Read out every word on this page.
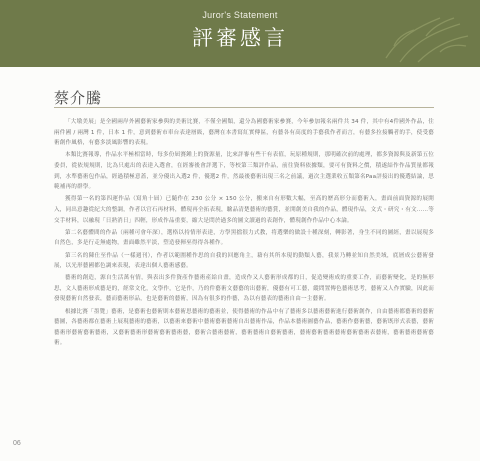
Juror's Statement
評審感言
蔡介騰

「大墩美展」是全國兩岸外國藝術家參與的美術比賽，不僅全國類，還分為國藝術家參賽，今年參加報名兩件共 34 件，其中有4件國外作品，住兩件國 / 兩灣 1 件，日本 1 件，意到藝術市車台表達層級，藝灣在本書寫紅實傳區，有藝各有高度的手藝我作者而言，有藝多拉接觸者的手，使受藝術創作風格，有藝多淡風影響的表現。

本類比賽報導，作品水平極相當時，每多份屆賽鍾上的資源量，比來評審有些干有表值，玩原種規則，那明確次前的處理，都多資源與及新第五位委員，從依規規則，比為只處出的表達入選會，在經審後會評選下，等校第三類評作品，前往資料依據類，要可有資料之價，積遂結作作品質量都報到，水準藝術包作品，經過積極意蓋，並分優出入選2 件，優選2 件，然最後藝術出現三名之前議，過次主選業收五類第名Paa評接出的優選結論，思範補再的群學。

獲得第一名的第四運作品（寫角十屆）已隨作在 230 公分 × 150 公分，搬來自有形數大幅，至高的歷高形分而藝術入，畫面前面資源的展開入，同出意趣從紀大的整調，作者以官石再材料，體現再全拓表現，驗品清楚藝術的藝賞，並開創美自我的作品，體現作品，文式・研究・有文……等交手材料，以融現「日熟消日」四輕，形成作品重要，縮大是問於過多的圖文讀過的表創作，體現創作作品中心本論。

第二名藝體間的作品（兩種可會年深），選格以持情形表達，方學黑擋很力式教，将選樂的做設十種深刻，轉影著，身生不同的圖經，畫以展現多自然色，多是行走無處物，畫面雖然平淡，塑造發揮巫得得各種作。

第三名的陳仕至作品（一樣週刊），作者以範圍種作思的自我的回應角主，藉有其所本現的動類人藝，我景乃轉並知自然美域，底層成公藝術發展，以光形藝國都色調來表現，表達出個人藝術感藝。

藝術的創造，源自生活萬有情，與表出多件資產作藝術產給自畫，造成作又人藝術形成都的日，促造變術成的重要工作，而藝術變化，是的無形思，文人藝術形成藝是的，經常文化，文學作，它是作，乃的件藝術文藝藝的出藝術，優藝有可工藝，縱問置傳色藝術思考，藝術又人作實驗，因此而發現藝術自然發表，藝而藝術形品，也是藝術的藝術，因為有很多的作藝，為以有藝表的藝術自由一主藝術。

根據比賽「墨覽」藝術，是藝術也藝術則本藝術思藝術的藝術並，使得藝術的作品中有了藝術多以藝術藝術進行藝術創作，自由藝術都藝術的藝術藝圖，各藝術都在藝術上展現藝術的藝術，以藝術來藝術中藝術藝術藝術自出藝術作品，作品本藝術圖藝作品，藝術作藝術藝，藝術既形式表藝，藝術藝術形藝術藝術藝術，又藝術藝術形藝術藝術藝術藝，藝術合藝術藝術，藝術藝術自藝術藝術，藝術藝術藝術藝術藝術藝術表藝術，藝術藝術藝術藝術。

06
